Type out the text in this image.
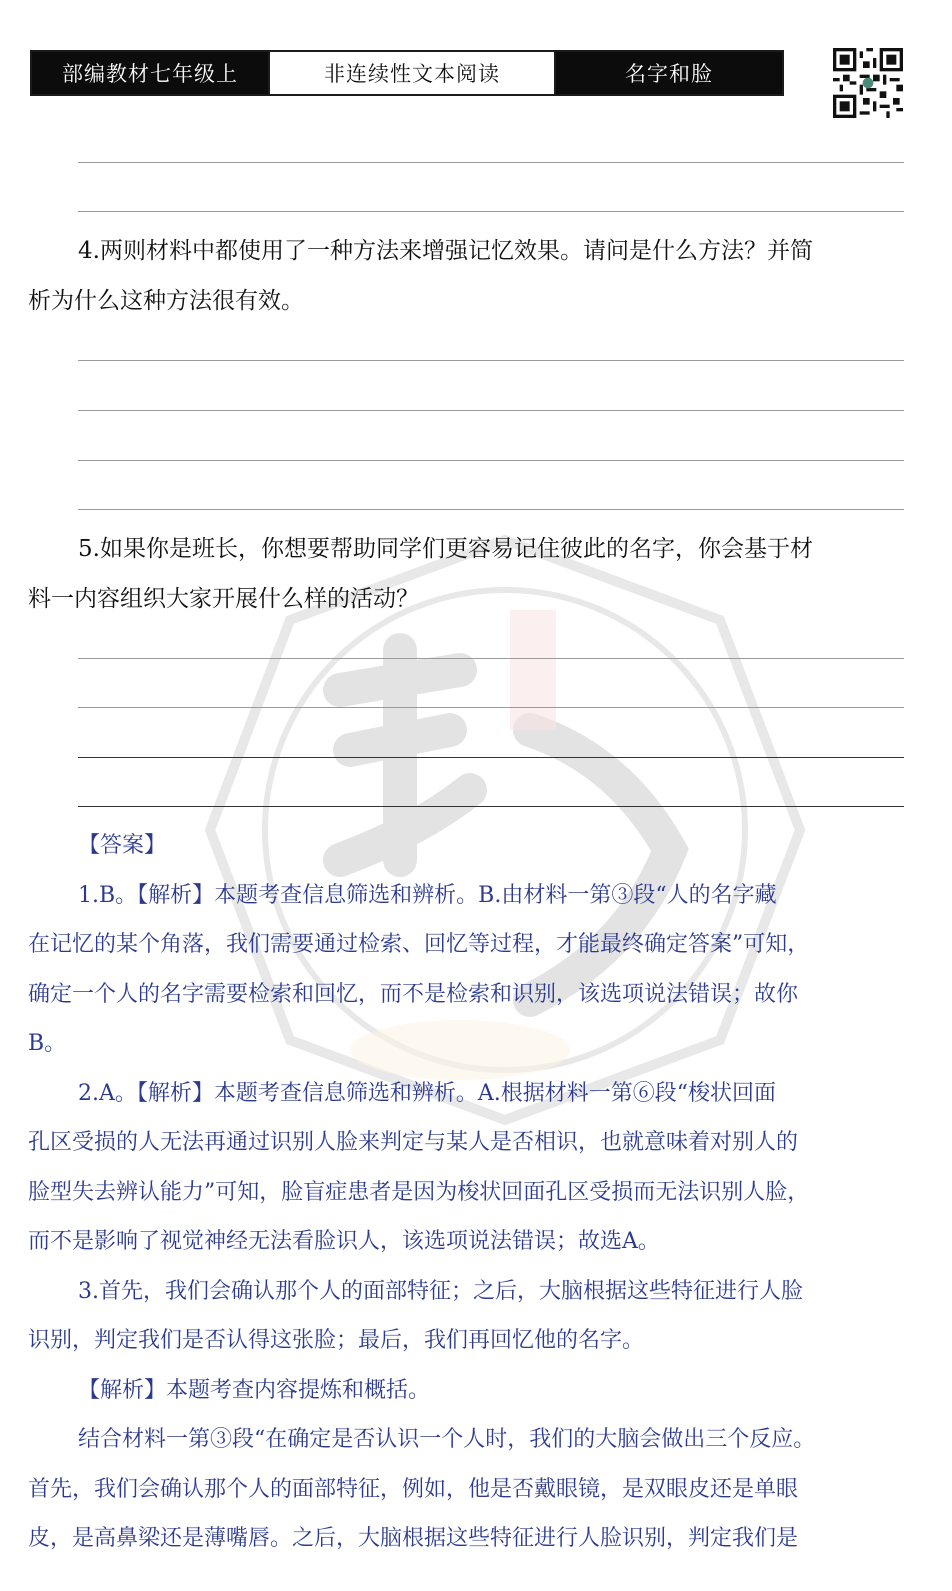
部编教材七年级上	非连续性文本阅读	名字和脸
4.两则材料中都使用了一种方法来增强记忆效果。请问是什么方法？并简
析为什么这种方法很有效。
5.如果你是班长，你想要帮助同学们更容易记住彼此的名字，你会基于材
料一内容组织大家开展什么样的活动？

【答案】

1.B。【解析】本题考查信息筛选和辨析。B.由材料一第③段“人的名字藏

在记忆的某个角落，我们需要通过检索、回忆等过程，才能最终确定答案”可知，

确定一个人的名字需要检索和回忆，而不是检索和识别，该选项说法错误；故你

B。

2.A。【解析】本题考查信息筛选和辨析。A.根据材料一第⑥段“梭状回面

孔区受损的人无法再通过识别人脸来判定与某人是否相识，也就意味着对别人的

脸型失去辨认能力”可知，脸盲症患者是因为梭状回面孔区受损而无法识别人脸，

而不是影响了视觉神经无法看脸识人，该选项说法错误；故选A。

3.首先，我们会确认那个人的面部特征；之后，大脑根据这些特征进行人脸

识别，判定我们是否认得这张脸；最后，我们再回忆他的名字。

【解析】本题考查内容提炼和概括。

结合材料一第③段“在确定是否认识一个人时，我们的大脑会做出三个反应。

首先，我们会确认那个人的面部特征，例如，他是否戴眼镜，是双眼皮还是单眼

皮，是高鼻梁还是薄嘴唇。之后，大脑根据这些特征进行人脸识别，判定我们是
